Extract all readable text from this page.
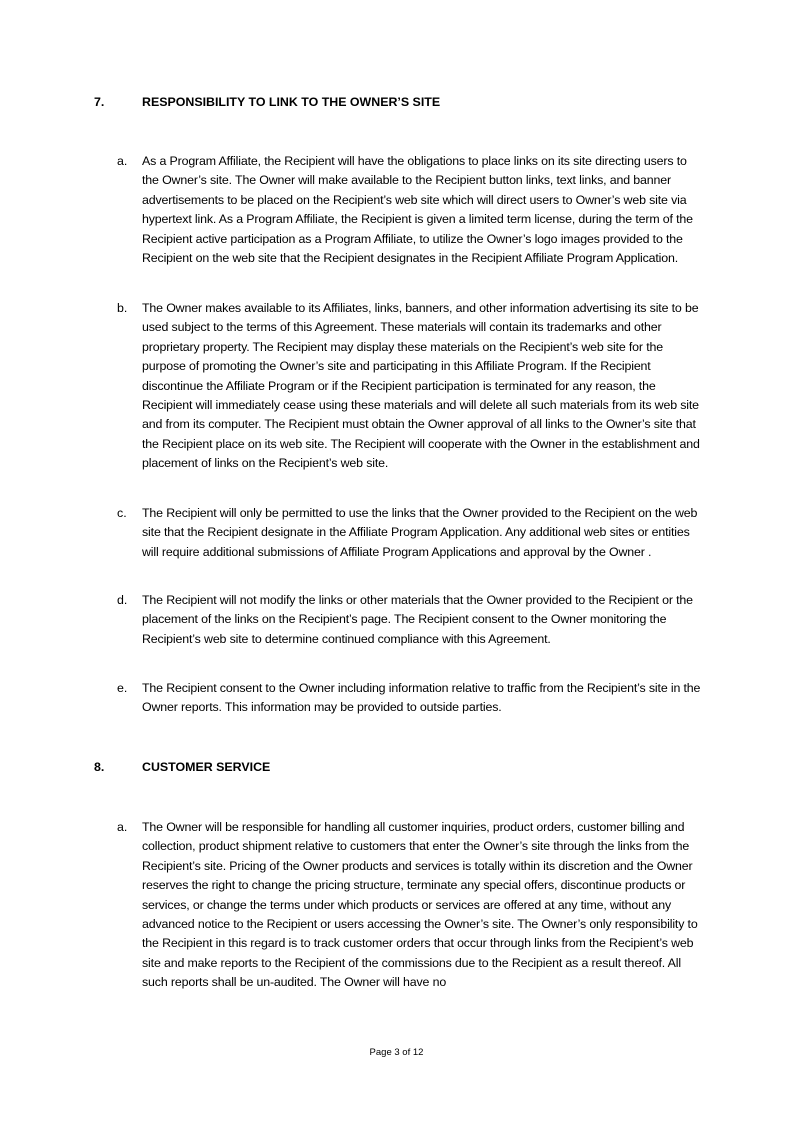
7.	RESPONSIBILITY TO LINK TO THE OWNER’S SITE
a. As a Program Affiliate, the Recipient will have the obligations to place links on its site directing users to the Owner’s site. The Owner will make available to the Recipient button links, text links, and banner advertisements to be placed on the Recipient’s web site which will direct users to Owner’s web site via hypertext link. As a Program Affiliate, the Recipient is given a limited term license, during the term of the Recipient active participation as a Program Affiliate, to utilize the Owner’s logo images provided to the Recipient on the web site that the Recipient designates in the Recipient Affiliate Program Application.
b. The Owner makes available to its Affiliates, links, banners, and other information advertising its site to be used subject to the terms of this Agreement. These materials will contain its trademarks and other proprietary property. The Recipient may display these materials on the Recipient’s web site for the purpose of promoting the Owner’s site and participating in this Affiliate Program. If the Recipient discontinue the Affiliate Program or if the Recipient participation is terminated for any reason, the Recipient will immediately cease using these materials and will delete all such materials from its web site and from its computer. The Recipient must obtain the Owner approval of all links to the Owner’s site that the Recipient place on its web site. The Recipient will cooperate with the Owner in the establishment and placement of links on the Recipient’s web site.
c. The Recipient will only be permitted to use the links that the Owner provided to the Recipient on the web site that the Recipient designate in the Affiliate Program Application. Any additional web sites or entities will require additional submissions of Affiliate Program Applications and approval by the Owner .
d. The Recipient will not modify the links or other materials that the Owner provided to the Recipient or the placement of the links on the Recipient’s page. The Recipient consent to the Owner monitoring the Recipient’s web site to determine continued compliance with this Agreement.
e. The Recipient consent to the Owner including information relative to traffic from the Recipient’s site in the Owner reports. This information may be provided to outside parties.
8.	CUSTOMER SERVICE
a. The Owner will be responsible for handling all customer inquiries, product orders, customer billing and collection, product shipment relative to customers that enter the Owner’s site through the links from the Recipient’s site. Pricing of the Owner products and services is totally within its discretion and the Owner reserves the right to change the pricing structure, terminate any special offers, discontinue products or services, or change the terms under which products or services are offered at any time, without any advanced notice to the Recipient or users accessing the Owner’s site. The Owner’s only responsibility to the Recipient in this regard is to track customer orders that occur through links from the Recipient’s web site and make reports to the Recipient of the commissions due to the Recipient as a result thereof. All such reports shall be un-audited. The Owner will have no
Page 3 of 12
